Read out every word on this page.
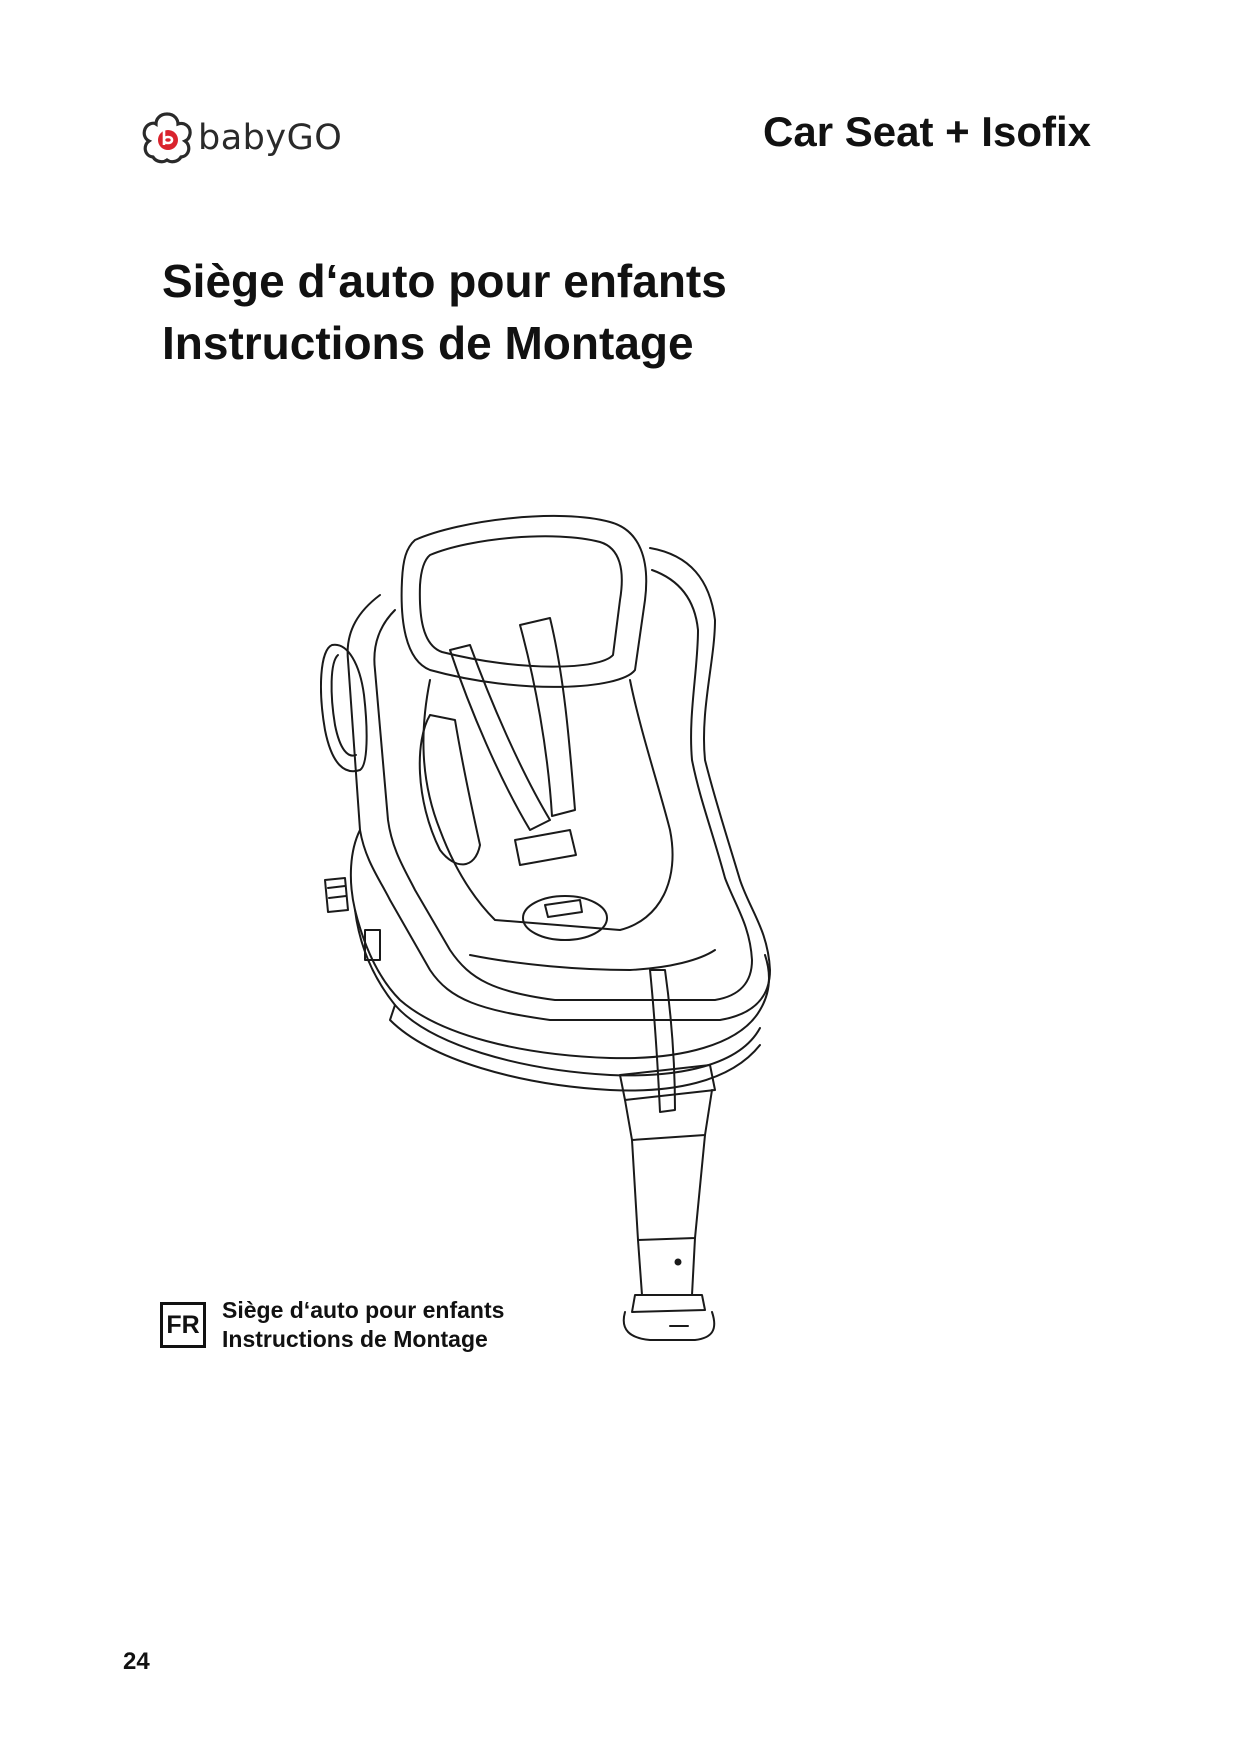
babyGO	Car Seat + Isofix
Siège d‘auto pour enfants
Instructions de Montage
FR
Siège d‘auto pour enfants
Instructions de Montage
24
